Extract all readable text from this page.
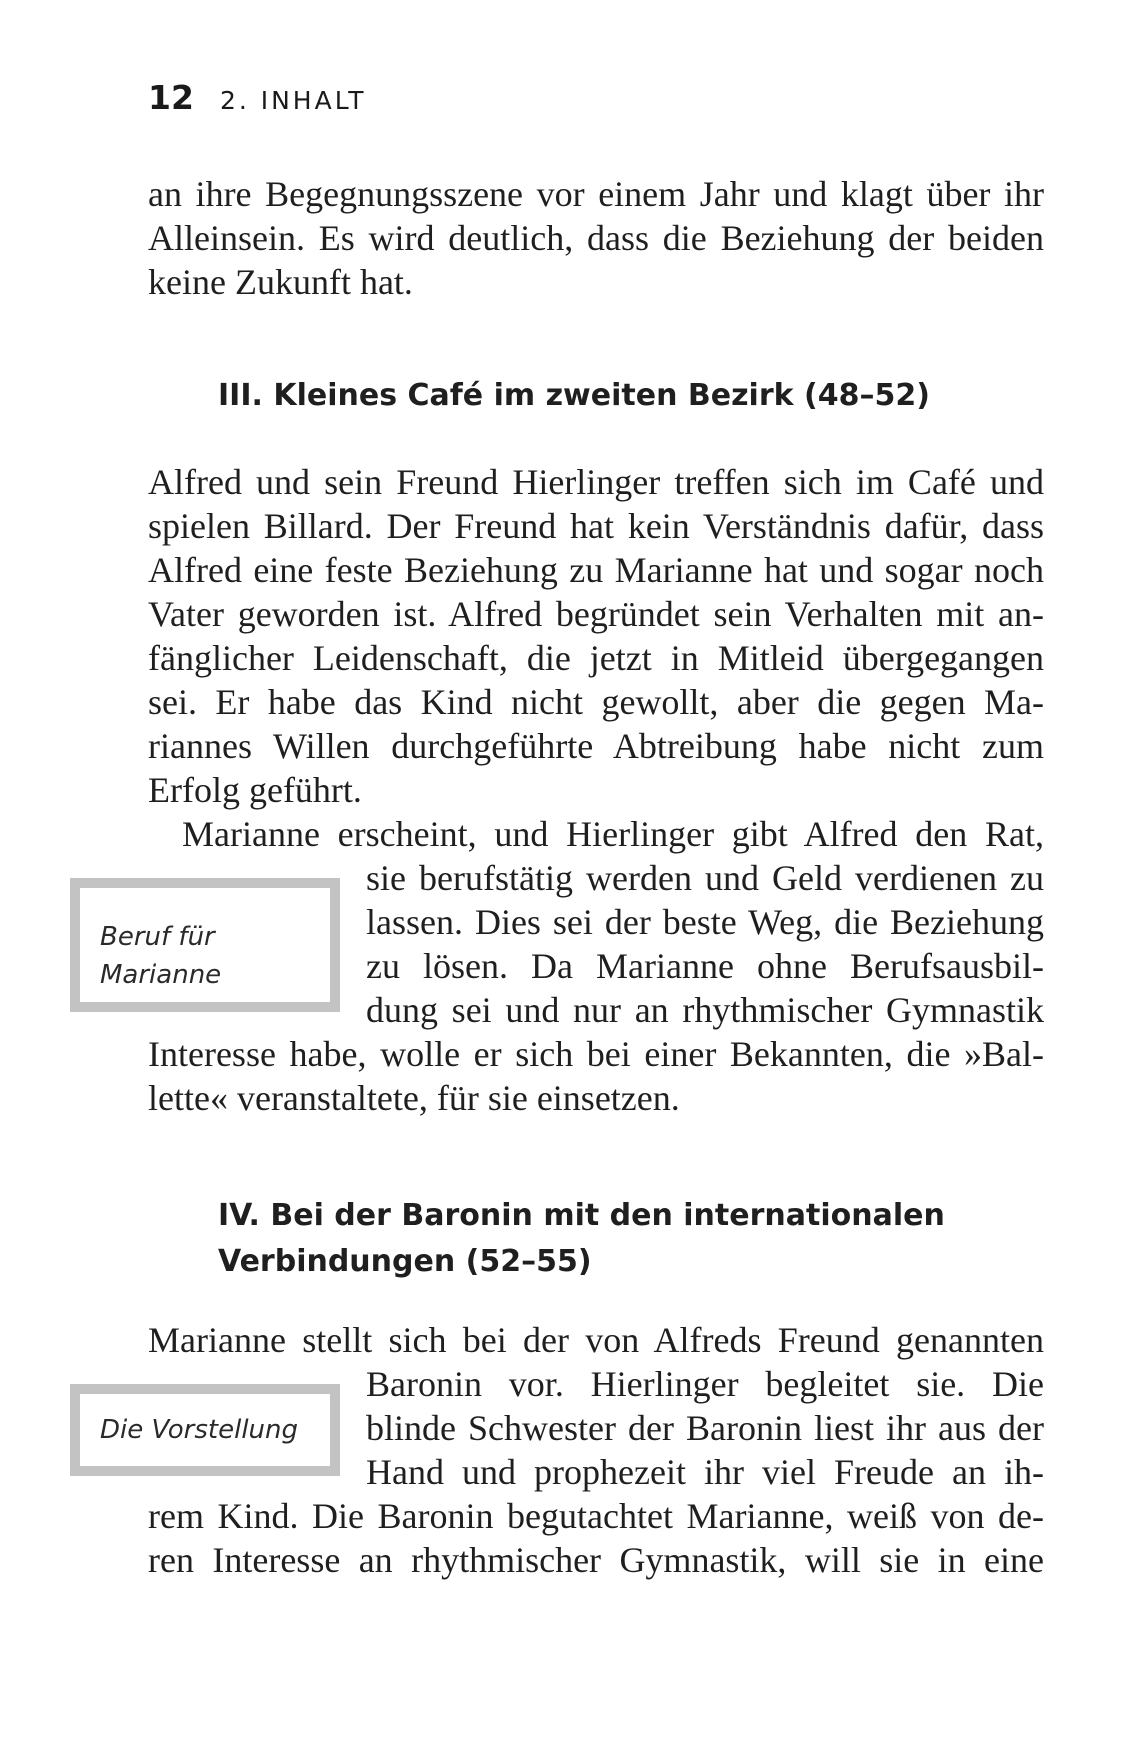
12 2. INHALT
an ihre Begegnungsszene vor einem Jahr und klagt über ihr
Alleinsein. Es wird deutlich, dass die Beziehung der beiden
keine Zukunft hat.
III. Kleines Café im zweiten Bezirk (48–52)
Alfred und sein Freund Hierlinger treffen sich im Café und
spielen Billard. Der Freund hat kein Verständnis dafür, dass
Alfred eine feste Beziehung zu Marianne hat und sogar noch
Vater geworden ist. Alfred begründet sein Verhalten mit an-
fänglicher Leidenschaft, die jetzt in Mitleid übergegangen
sei. Er habe das Kind nicht gewollt, aber die gegen Ma-
riannes Willen durchgeführte Abtreibung habe nicht zum
Erfolg geführt.
Marianne erscheint, und Hierlinger gibt Alfred den Rat,
sie berufstätig werden und Geld verdienen zu
lassen. Dies sei der beste Weg, die Beziehung
zu lösen. Da Marianne ohne Berufsausbil-
dung sei und nur an rhythmischer Gymnastik
Interesse habe, wolle er sich bei einer Bekannten, die »Bal-
lette« veranstaltete, für sie einsetzen.
Beruf für
Marianne
IV. Bei der Baronin mit den internationalen
Verbindungen (52–55)
Marianne stellt sich bei der von Alfreds Freund genannten
Baronin vor. Hierlinger begleitet sie. Die
blinde Schwester der Baronin liest ihr aus der
Hand und prophezeit ihr viel Freude an ih-
rem Kind. Die Baronin begutachtet Marianne, weiß von de-
ren Interesse an rhythmischer Gymnastik, will sie in eine
Die Vorstellung
